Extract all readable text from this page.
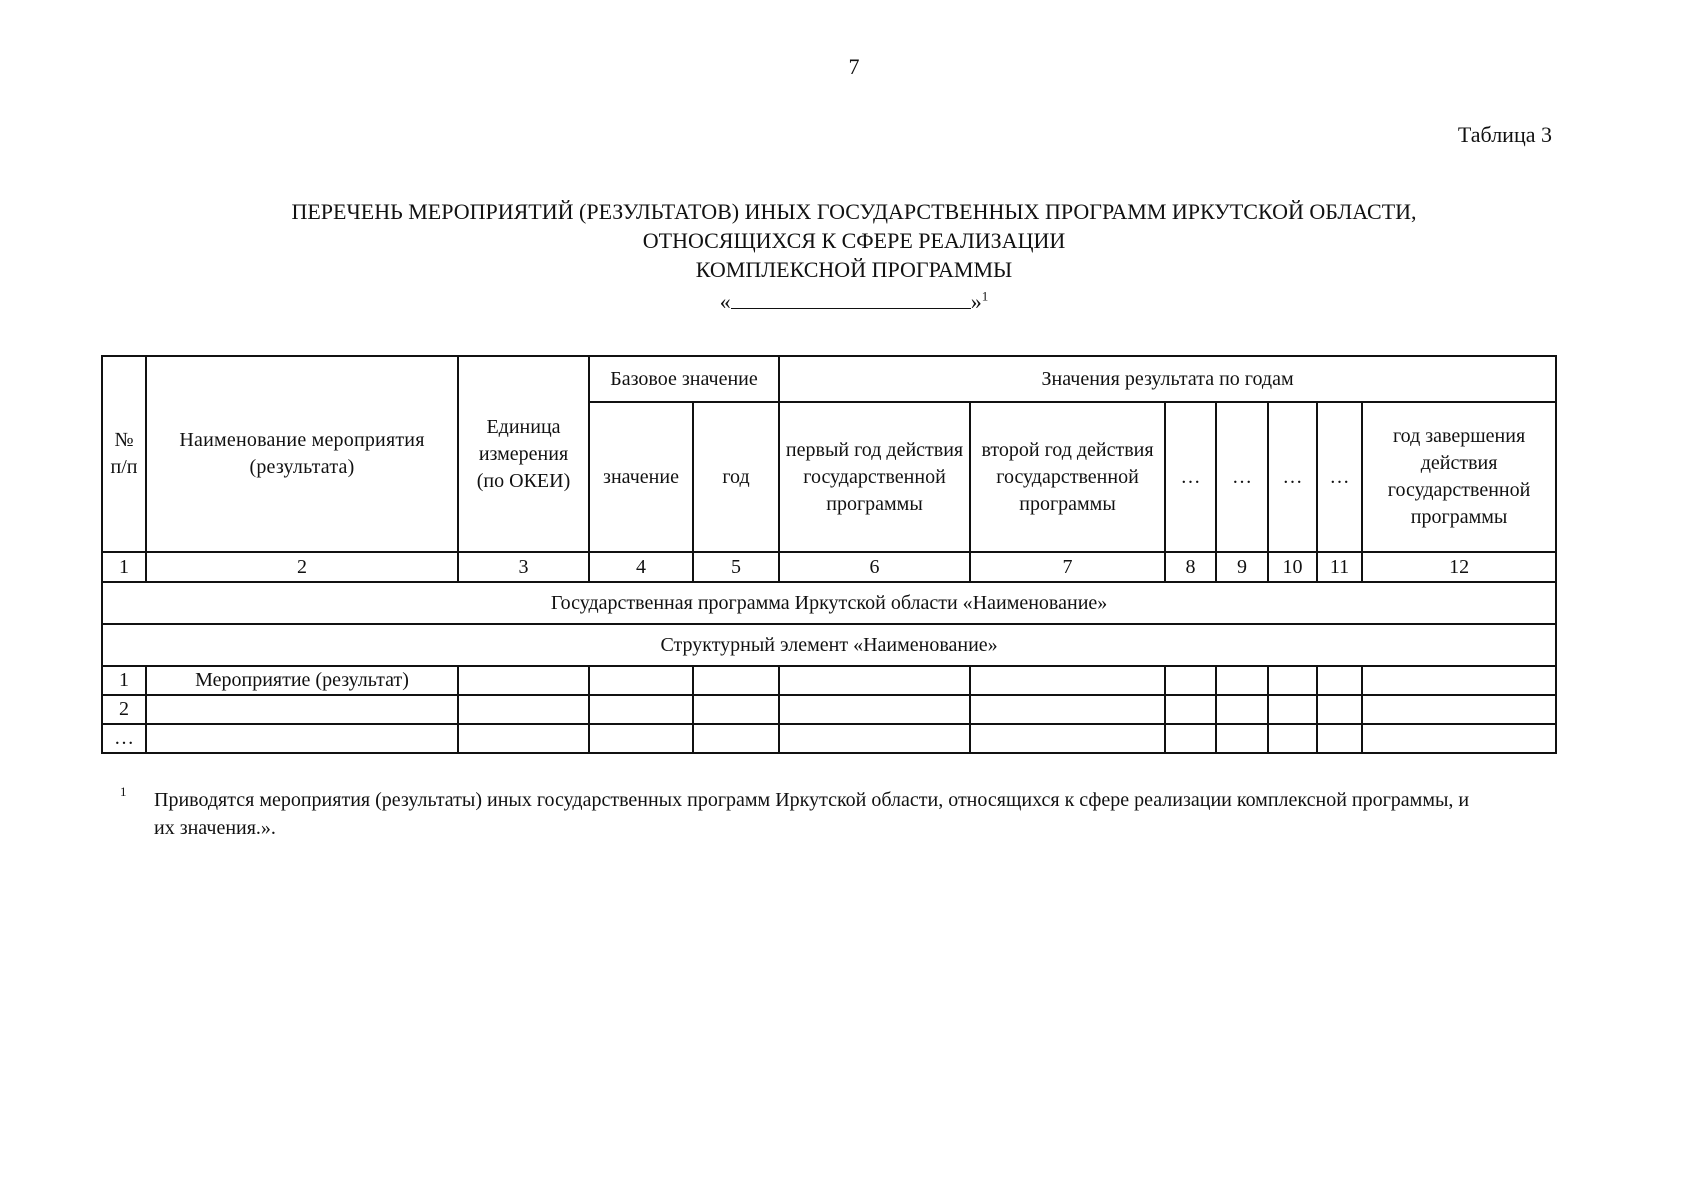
7
Таблица 3
ПЕРЕЧЕНЬ МЕРОПРИЯТИЙ (РЕЗУЛЬТАТОВ) ИНЫХ ГОСУДАРСТВЕННЫХ ПРОГРАММ ИРКУТСКОЙ ОБЛАСТИ,
ОТНОСЯЩИХСЯ К СФЕРЕ РЕАЛИЗАЦИИ
КОМПЛЕКСНОЙ ПРОГРАММЫ
«	»$^1$
№ п/п	Наименование мероприятия (результата)	Единица измерения (по ОКЕИ)	Базовое значение		Значения результата по годам						
			значение	год	первый год действия государственной программы	второй год действия государственной программы	…	…	…	…	год завершения действия государственной программы
1	2	3	4	5	6	7	8	9	10	11	12
Государственная программа Иркутской области «Наименование»											
Структурный элемент «Наименование»											
1	Мероприятие (результат)										
2											
…											
1 Приводятся мероприятия (результаты) иных государственных программ Иркутской области, относящихся к сфере реализации комплексной программы, и их значения.».
